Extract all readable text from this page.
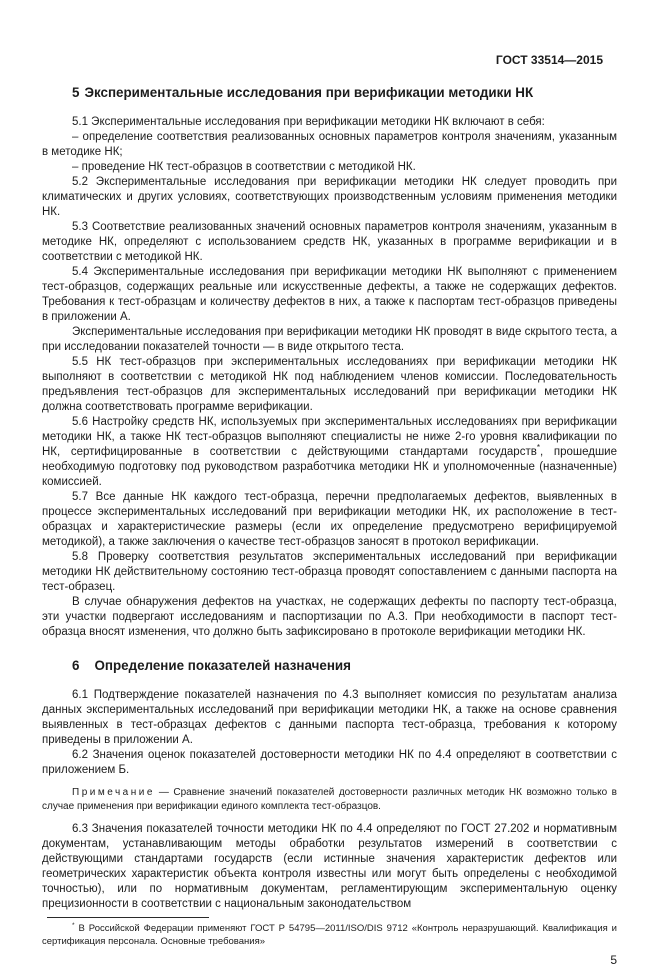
ГОСТ 33514—2015
5 Экспериментальные исследования при верификации методики НК

5.1 Экспериментальные исследования при верификации методики НК включают в себя:

– определение соответствия реализованных основных параметров контроля значениям, указанным в методике НК;

– проведение НК тест-образцов в соответствии с методикой НК.

5.2 Экспериментальные исследования при верификации методики НК следует проводить при климатических и других условиях, соответствующих производственным условиям применения методики НК.

5.3 Соответствие реализованных значений основных параметров контроля значениям, указанным в методике НК, определяют с использованием средств НК, указанных в программе верификации и в соответствии с методикой НК.

5.4 Экспериментальные исследования при верификации методики НК выполняют с применением тест-образцов, содержащих реальные или искусственные дефекты, а также не содержащих дефектов. Требования к тест-образцам и количеству дефектов в них, а также к паспортам тест-образцов приведены в приложении А.

Экспериментальные исследования при верификации методики НК проводят в виде скрытого теста, а при исследовании показателей точности — в виде открытого теста.

5.5 НК тест-образцов при экспериментальных исследованиях при верификации методики НК выполняют в соответствии с методикой НК под наблюдением членов комиссии. Последовательность предъявления тест-образцов для экспериментальных исследований при верификации методики НК должна соответствовать программе верификации.

5.6 Настройку средств НК, используемых при экспериментальных исследованиях при верификации методики НК, а также НК тест-образцов выполняют специалисты не ниже 2-го уровня квалификации по НК, сертифицированные в соответствии с действующими стандартами государств*, прошедшие необходимую подготовку под руководством разработчика методики НК и уполномоченные (назначенные) комиссией.

5.7 Все данные НК каждого тест-образца, перечни предполагаемых дефектов, выявленных в процессе экспериментальных исследований при верификации методики НК, их расположение в тест-образцах и характеристические размеры (если их определение предусмотрено верифицируемой методикой), а также заключения о качестве тест-образцов заносят в протокол верификации.

5.8 Проверку соответствия результатов экспериментальных исследований при верификации методики НК действительному состоянию тест-образца проводят сопоставлением с данными паспорта на тест-образец.

В случае обнаружения дефектов на участках, не содержащих дефекты по паспорту тест-образца, эти участки подвергают исследованиям и паспортизации по А.3. При необходимости в паспорт тест-образца вносят изменения, что должно быть зафиксировано в протоколе верификации методики НК.

6 Определение показателей назначения

6.1 Подтверждение показателей назначения по 4.3 выполняет комиссия по результатам анализа данных экспериментальных исследований при верификации методики НК, а также на основе сравнения выявленных в тест-образцах дефектов с данными паспорта тест-образца, требования к которому приведены в приложении А.

6.2 Значения оценок показателей достоверности методики НК по 4.4 определяют в соответствии с приложением Б.

Примечание — Сравнение значений показателей достоверности различных методик НК возможно только в случае применения при верификации единого комплекта тест-образцов.

6.3 Значения показателей точности методики НК по 4.4 определяют по ГОСТ 27.202 и нормативным документам, устанавливающим методы обработки результатов измерений в соответствии с действующими стандартами государств (если истинные значения характеристик дефектов или геометрических характеристик объекта контроля известны или могут быть определены с необходимой точностью), или по нормативным документам, регламентирующим экспериментальную оценку прецизионности в соответствии с национальным законодательством

* В Российской Федерации применяют ГОСТ Р 54795—2011/ISO/DIS 9712 «Контроль неразрушающий. Квалификация и сертификация персонала. Основные требования»

5
